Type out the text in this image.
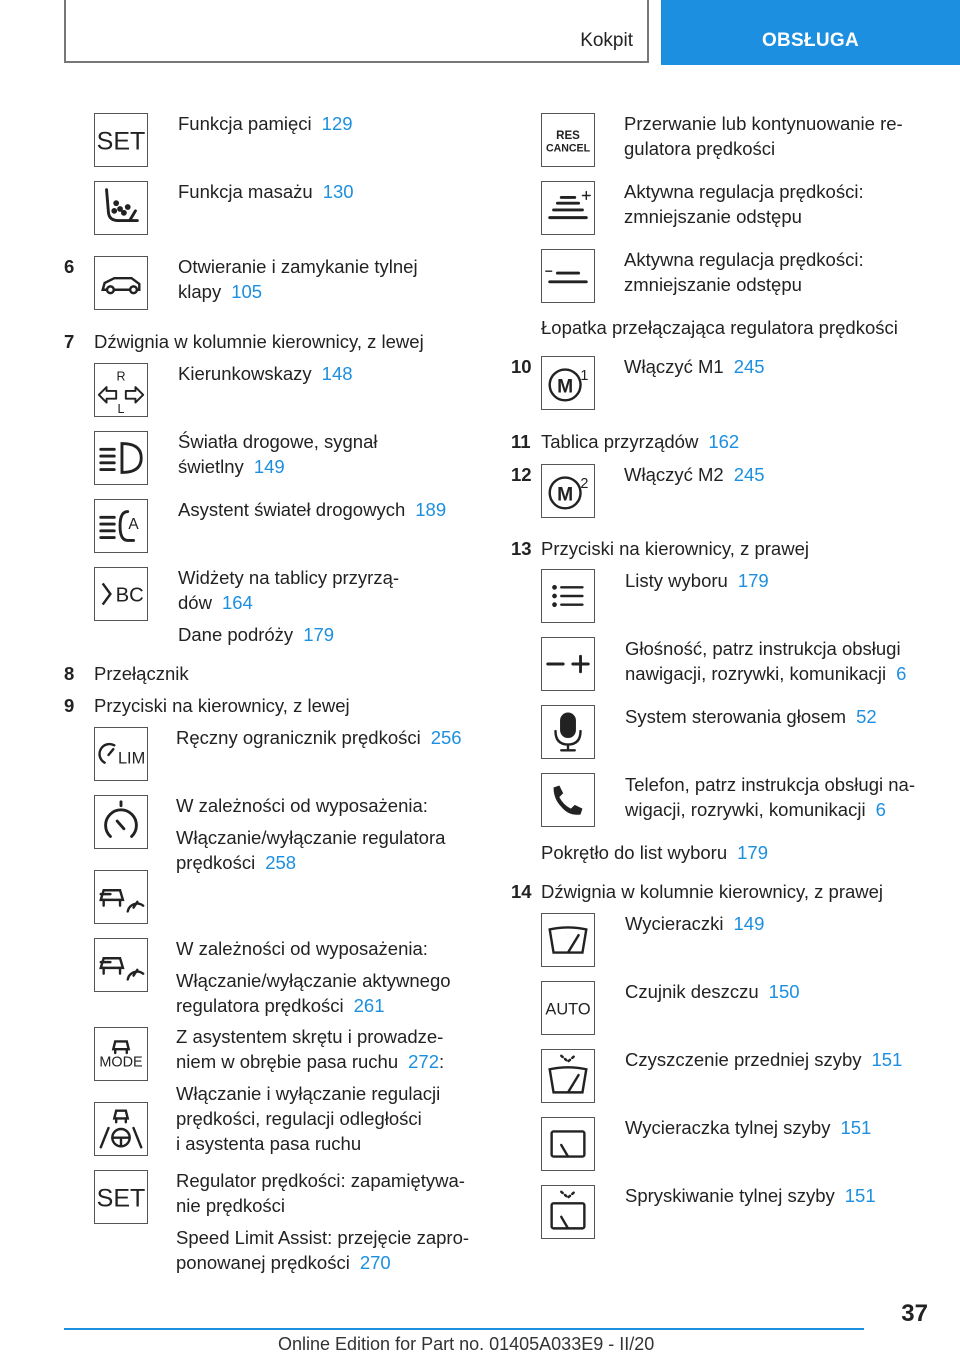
Kokpit	OBSŁUGA
SET
Funkcja pamięci 129
Funkcja masażu 130
6	Otwieranie i zamykanie tylnej
klapy 105
7 Dźwignia w kolumnie kierownicy, z lewej
R
L
Kierunkowskazy 148
Światła drogowe, sygnał
świetlny 149
A
Asystent świateł drogowych 189
BC
Widżety na tablicy przyrzą-
dów 164
Dane podróży 179
8 Przełącznik
9 Przyciski na kierownicy, z lewej
LIM
Ręczny ogranicznik prędkości 256
W zależności od wyposażenia:
Włączanie/wyłączanie regulatora
prędkości 258
W zależności od wyposażenia:
Włączanie/wyłączanie aktywnego
regulatora prędkości 261
MODE
Z asystentem skrętu i prowadze-
niem w obrębie pasa ruchu 272:
Włączanie i wyłączanie regulacji
prędkości, regulacji odległości
i asystenta pasa ruchu
SET
Regulator prędkości: zapamiętywa-
nie prędkości
Speed Limit Assist: przejęcie zapro-
ponowanej prędkości 270
RES
CANCEL
Przerwanie lub kontynuowanie re-
gulatora prędkości
Aktywna regulacja prędkości:
zmniejszanie odstępu
Aktywna regulacja prędkości:
zmniejszanie odstępu
Łopatka przełączająca regulatora prędkości
10
M
1 Włączyć M1 245
11 Tablica przyrządów 162
12
M
2 Włączyć M2 245
13 Przyciski na kierownicy, z prawej
Listy wyboru 179
Głośność, patrz instrukcja obsługi
nawigacji, rozrywki, komunikacji 6
System sterowania głosem 52
Telefon, patrz instrukcja obsługi na-
wigacji, rozrywki, komunikacji 6
Pokrętło do list wyboru 179
14 Dźwignia w kolumnie kierownicy, z prawej
Wycieraczki 149
AUTO
Czujnik deszczu 150
Czyszczenie przedniej szyby 151
Wycieraczka tylnej szyby 151
Spryskiwanie tylnej szyby 151
37
Online Edition for Part no. 01405A033E9 - II/20
